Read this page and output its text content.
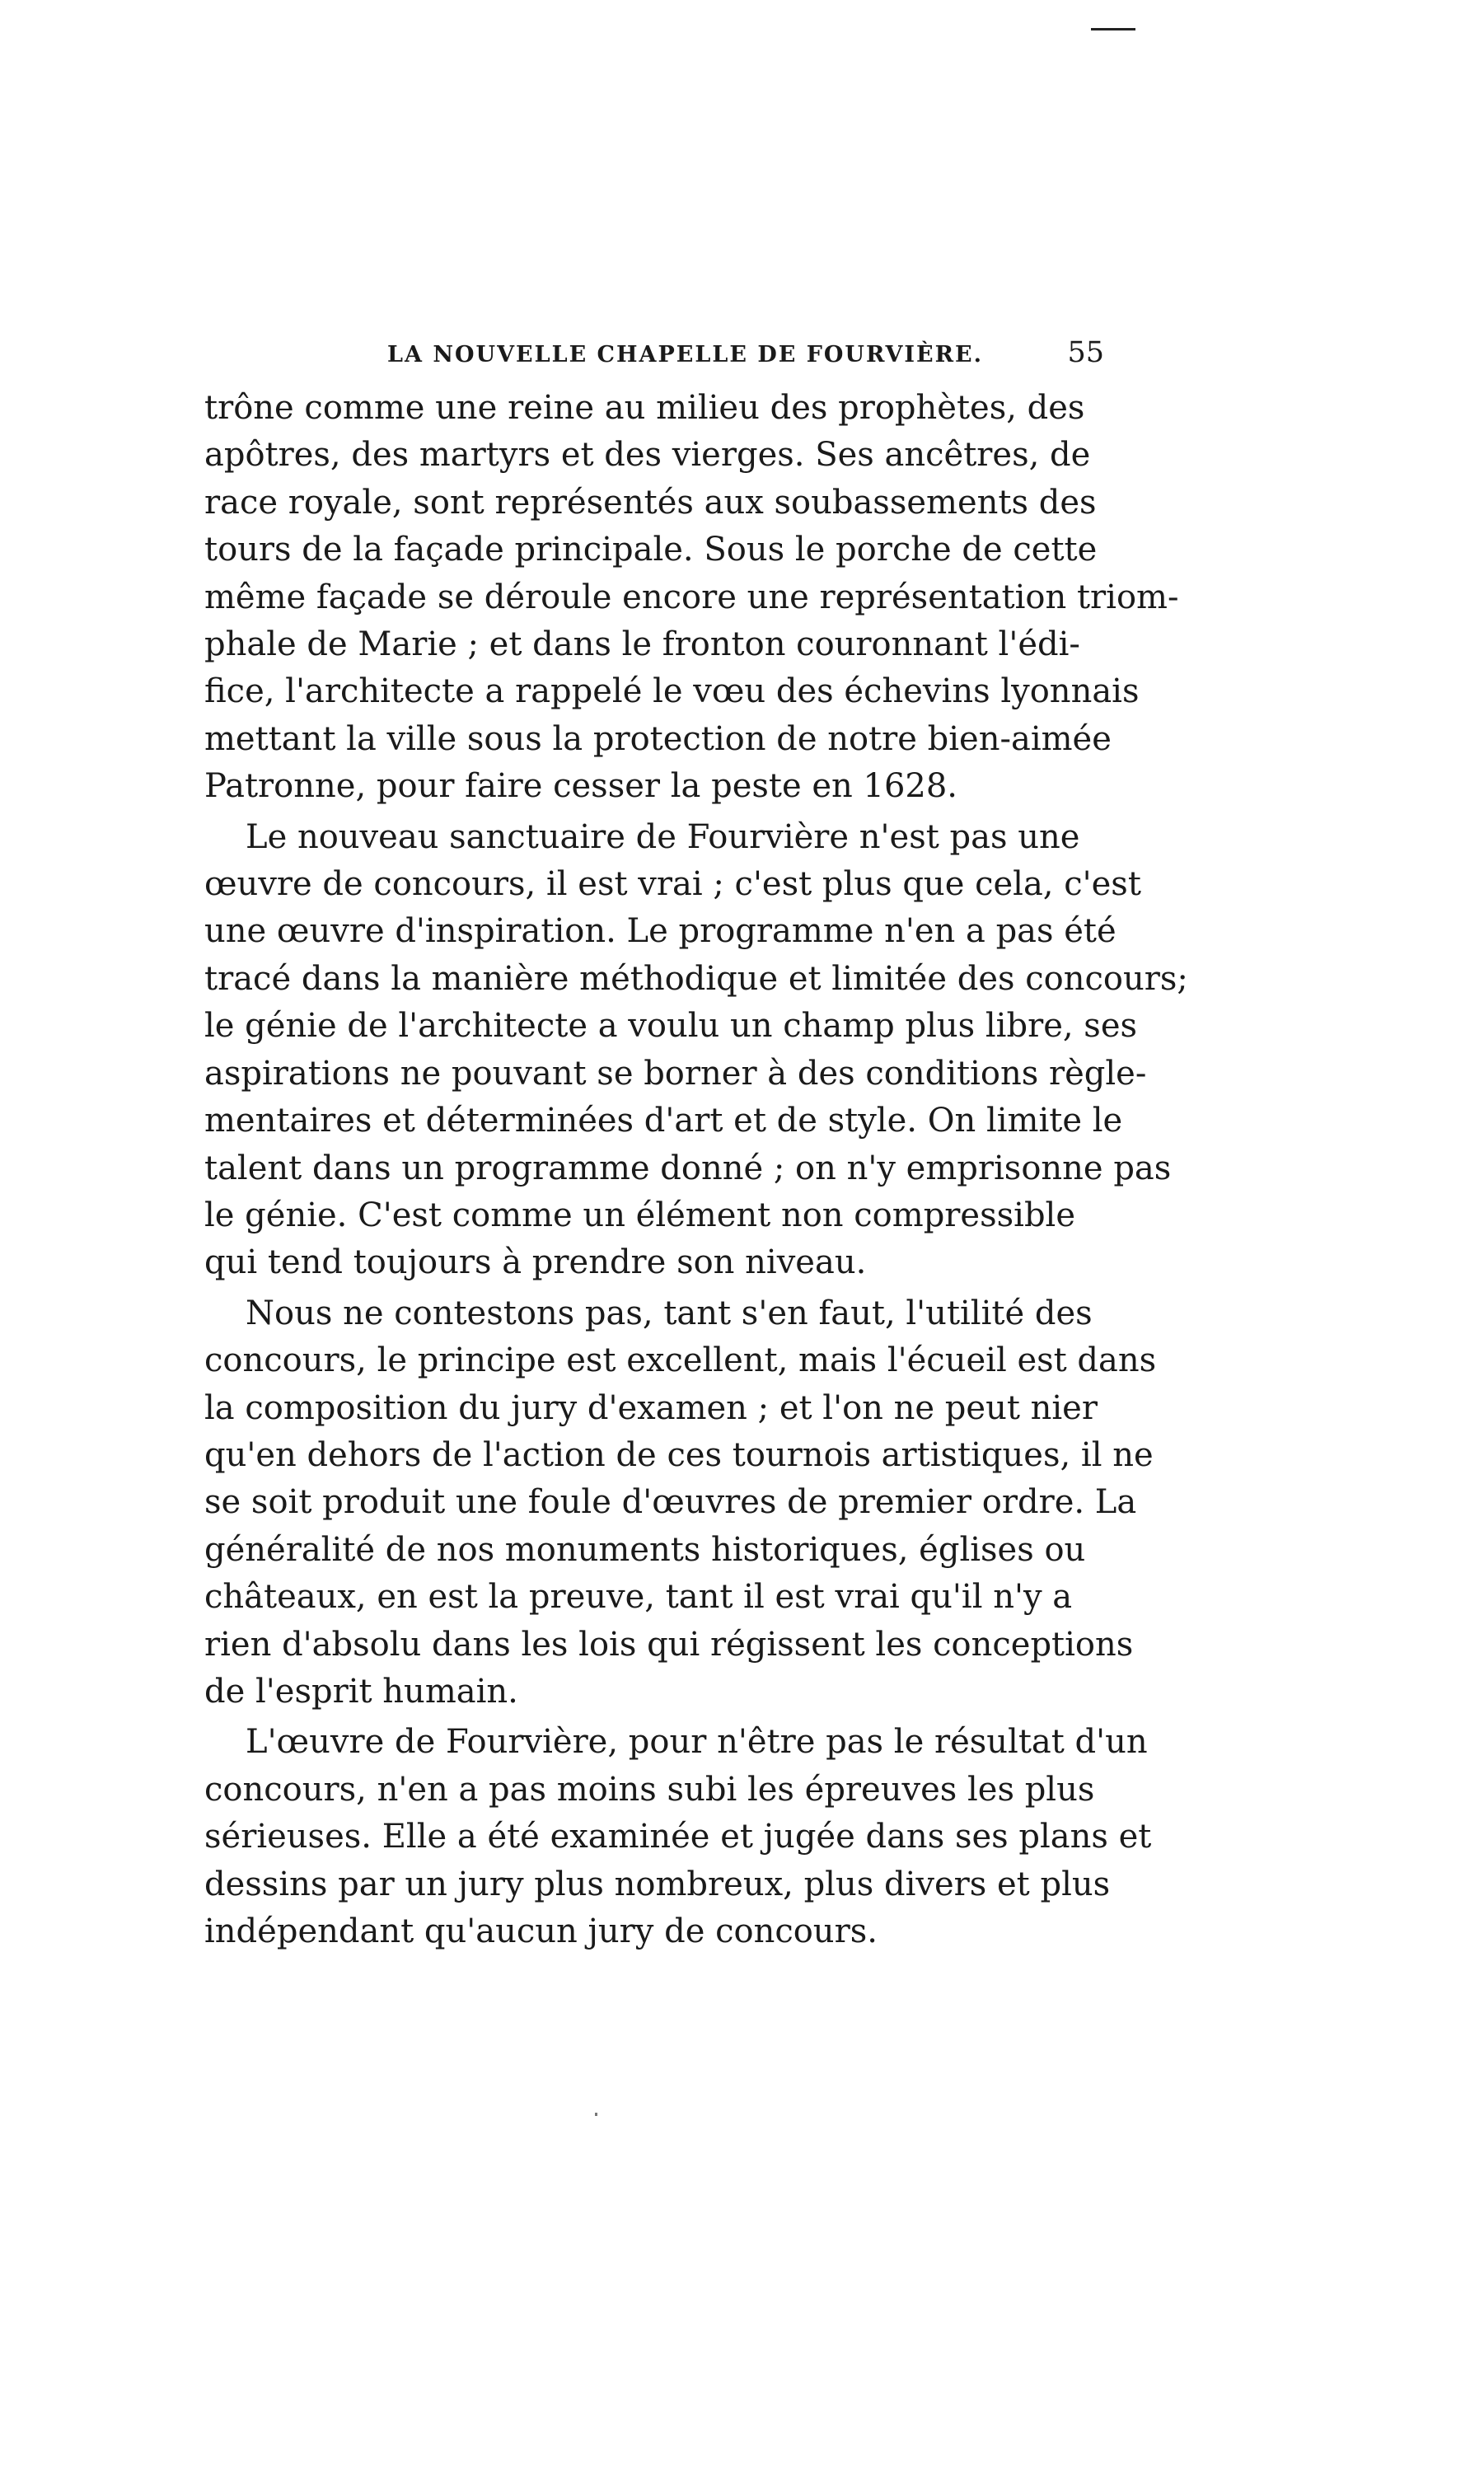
LA NOUVELLE CHAPELLE DE FOURVIÈRE.	55
trône comme une reine au milieu des prophètes, des
apôtres, des martyrs et des vierges. Ses ancêtres, de
race royale, sont représentés aux soubassements des
tours de la façade principale. Sous le porche de cette
même façade se déroule encore une représentation triom-
phale de Marie ; et dans le fronton couronnant l'édi-
fice, l'architecte a rappelé le vœu des échevins lyonnais
mettant la ville sous la protection de notre bien-aimée
Patronne, pour faire cesser la peste en 1628.
Le nouveau sanctuaire de Fourvière n'est pas une
œuvre de concours, il est vrai ; c'est plus que cela, c'est
une œuvre d'inspiration. Le programme n'en a pas été
tracé dans la manière méthodique et limitée des concours;
le génie de l'architecte a voulu un champ plus libre, ses
aspirations ne pouvant se borner à des conditions règle-
mentaires et déterminées d'art et de style. On limite le
talent dans un programme donné ; on n'y emprisonne pas
le génie. C'est comme un élément non compressible
qui tend toujours à prendre son niveau.
Nous ne contestons pas, tant s'en faut, l'utilité des
concours, le principe est excellent, mais l'écueil est dans
la composition du jury d'examen ; et l'on ne peut nier
qu'en dehors de l'action de ces tournois artistiques, il ne
se soit produit une foule d'œuvres de premier ordre. La
généralité de nos monuments historiques, églises ou
châteaux, en est la preuve, tant il est vrai qu'il n'y a
rien d'absolu dans les lois qui régissent les conceptions
de l'esprit humain.
L'œuvre de Fourvière, pour n'être pas le résultat d'un
concours, n'en a pas moins subi les épreuves les plus
sérieuses. Elle a été examinée et jugée dans ses plans et
dessins par un jury plus nombreux, plus divers et plus
indépendant qu'aucun jury de concours.
